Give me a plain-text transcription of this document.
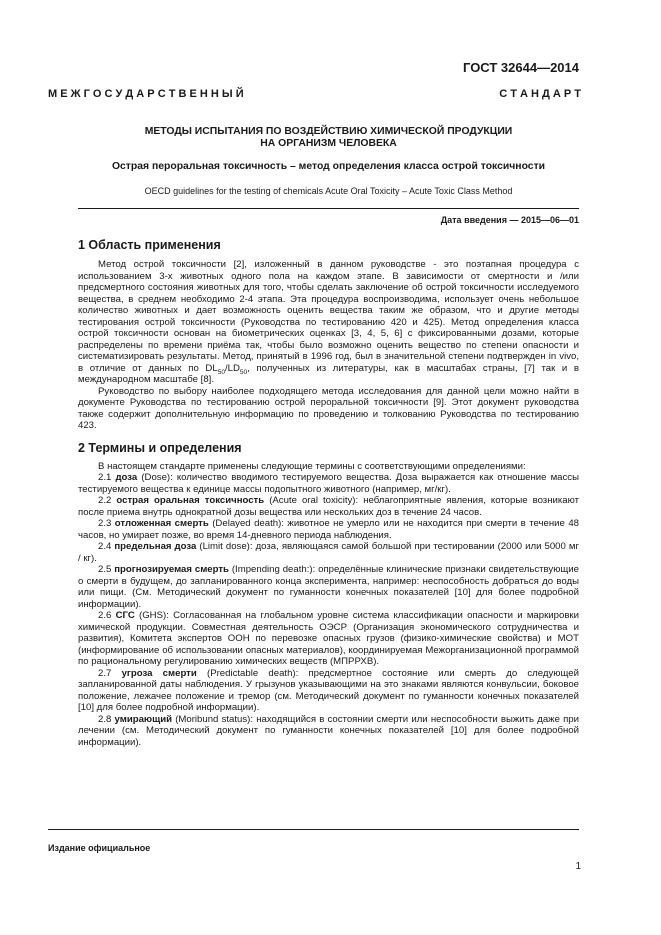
ГОСТ 32644—2014
М Е Ж Г О С У Д А Р С Т В Е Н Н Ы Й	С Т А Н Д А Р Т
МЕТОДЫ ИСПЫТАНИЯ ПО ВОЗДЕЙСТВИЮ ХИМИЧЕСКОЙ ПРОДУКЦИИ
НА ОРГАНИЗМ ЧЕЛОВЕКА
Острая пероральная токсичность – метод определения класса острой токсичности
OECD guidelines for the testing of chemicals Acute Oral Toxicity – Acute Toxic Class Method
Дата введения — 2015—06—01
1 Область применения

Метод острой токсичности [2], изложенный в данном руководстве - это поэтапная процедура с использованием 3-х животных одного пола на каждом этапе. В зависимости от смертности и /или предсмертного состояния животных для того, чтобы сделать заключение об острой токсичности исследуемого вещества, в среднем необходимо 2-4 этапа. Эта процедура воспроизводима, использует очень небольшое количество животных и дает возможность оценить вещества таким же образом, что и другие методы тестирования острой токсичности (Руководства по тестированию 420 и 425). Метод определения класса острой токсичности основан на биометрических оценках [3, 4, 5, 6] с фиксированными дозами, которые распределены по времени приёма так, чтобы было возможно оценить вещество по степени опасности и систематизировать результаты. Метод, принятый в 1996 год, был в значительной степени подтвержден in vivo, в отличие от данных по $DL_{50}/LD_{50}$, полученных из литературы, как в масштабах страны, [7] так и в международном масштабе [8].

Руководство по выбору наиболее подходящего метода исследования для данной цели можно найти в документе Руководства по тестированию острой пероральной токсичности [9]. Этот документ руководства также содержит дополнительную информацию по проведению и толкованию Руководства по тестированию 423.

2 Термины и определения

В настоящем стандарте применены следующие термины с соответствующими определениями:

2.1 доза (Dose): количество вводимого тестируемого вещества. Доза выражается как отношение массы тестируемого вещества к единице массы подопытного животного (например, мг/кг).

2.2 острая оральная токсичность (Acute oral toxicity): неблагоприятные явления, которые возникают после приема внутрь однократной дозы вещества или нескольких доз в течение 24 часов.

2.3 отложенная смерть (Delayed death): животное не умерло или не находится при смерти в течение 48 часов, но умирает позже, во время 14-дневного периода наблюдения.

2.4 предельная доза (Limit dose): доза, являющаяся самой большой при тестировании (2000 или 5000 мг / кг).

2.5 прогнозируемая смерть (Impending death:): определённые клинические признаки свидетельствующие о смерти в будущем, до запланированного конца эксперимента, например: неспособность добраться до воды или пищи. (См. Методический документ по гуманности конечных показателей [10] для более подробной информации).

2.6 СГС (GHS): Согласованная на глобальном уровне система классификации опасности и маркировки химической продукции. Совместная деятельность ОЭСР (Организация экономического сотрудничества и развития), Комитета экспертов ООН по перевозке опасных грузов (физико-химические свойства) и МОТ (информирование об использовании опасных материалов), координируемая Межорганизационной программой по рациональному регулированию химических веществ (МПРРХВ).

2.7 угроза смерти (Predictable death): предсмертное состояние или смерть до следующей запланированной даты наблюдения. У грызунов указывающими на это знаками являются конвульсии, боковое положение, лежачее положение и тремор (см. Методический документ по гуманности конечных показателей [10] для более подробной информации).

2.8 умирающий (Moribund status): находящийся в состоянии смерти или неспособности выжить даже при лечении (см. Методический документ по гуманности конечных показателей [10] для более подробной информации).

Издание официальное
1
